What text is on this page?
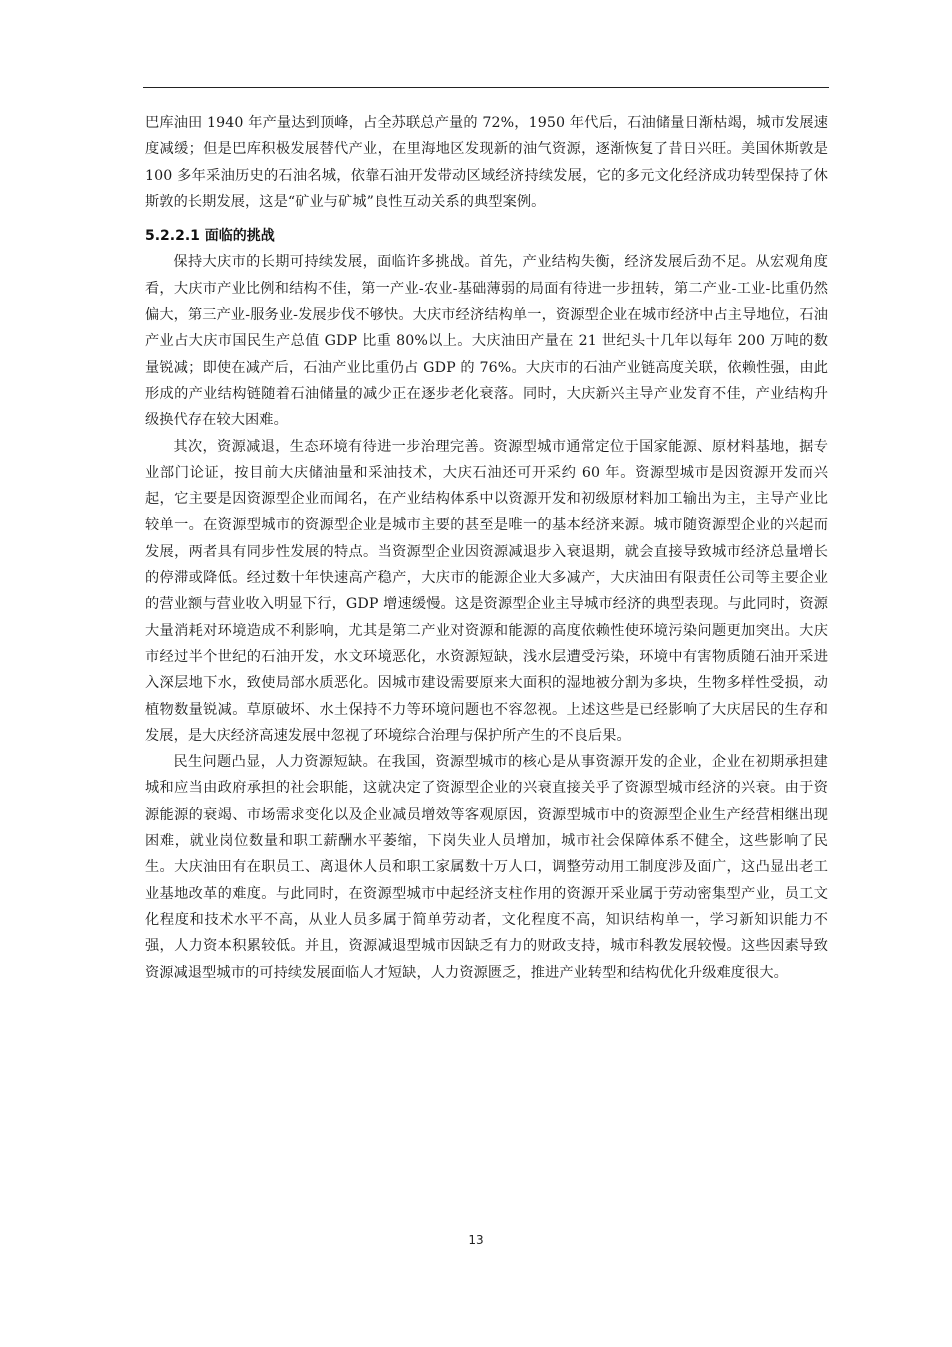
巴库油田 1940 年产量达到顶峰，占全苏联总产量的 72%，1950 年代后，石油储量日渐枯竭，城市发展速度减缓；但是巴库积极发展替代产业，在里海地区发现新的油气资源，逐渐恢复了昔日兴旺。美国休斯敦是 100 多年采油历史的石油名城，依靠石油开发带动区域经济持续发展，它的多元文化经济成功转型保持了休斯敦的长期发展，这是“矿业与矿城”良性互动关系的典型案例。

5.2.2.1 面临的挑战

保持大庆市的长期可持续发展，面临许多挑战。首先，产业结构失衡，经济发展后劲不足。从宏观角度看，大庆市产业比例和结构不佳，第一产业-农业-基础薄弱的局面有待进一步扭转，第二产业-工业-比重仍然偏大，第三产业-服务业-发展步伐不够快。大庆市经济结构单一，资源型企业在城市经济中占主导地位，石油产业占大庆市国民生产总值 GDP 比重 80%以上。大庆油田产量在 21 世纪头十几年以每年 200 万吨的数量锐减；即使在减产后，石油产业比重仍占 GDP 的 76%。大庆市的石油产业链高度关联，依赖性强，由此形成的产业结构链随着石油储量的减少正在逐步老化衰落。同时，大庆新兴主导产业发育不佳，产业结构升级换代存在较大困难。

其次，资源减退，生态环境有待进一步治理完善。资源型城市通常定位于国家能源、原材料基地，据专业部门论证，按目前大庆储油量和采油技术，大庆石油还可开采约 60 年。资源型城市是因资源开发而兴起，它主要是因资源型企业而闻名，在产业结构体系中以资源开发和初级原材料加工输出为主，主导产业比较单一。在资源型城市的资源型企业是城市主要的甚至是唯一的基本经济来源。城市随资源型企业的兴起而发展，两者具有同步性发展的特点。当资源型企业因资源减退步入衰退期，就会直接导致城市经济总量增长的停滞或降低。经过数十年快速高产稳产，大庆市的能源企业大多减产，大庆油田有限责任公司等主要企业的营业额与营业收入明显下行，GDP 增速缓慢。这是资源型企业主导城市经济的典型表现。与此同时，资源大量消耗对环境造成不利影响，尤其是第二产业对资源和能源的高度依赖性使环境污染问题更加突出。大庆市经过半个世纪的石油开发，水文环境恶化，水资源短缺，浅水层遭受污染，环境中有害物质随石油开采进入深层地下水，致使局部水质恶化。因城市建设需要原来大面积的湿地被分割为多块，生物多样性受损，动植物数量锐减。草原破坏、水土保持不力等环境问题也不容忽视。上述这些是已经影响了大庆居民的生存和发展，是大庆经济高速发展中忽视了环境综合治理与保护所产生的不良后果。

民生问题凸显，人力资源短缺。在我国，资源型城市的核心是从事资源开发的企业，企业在初期承担建城和应当由政府承担的社会职能，这就决定了资源型企业的兴衰直接关乎了资源型城市经济的兴衰。由于资源能源的衰竭、市场需求变化以及企业减员增效等客观原因，资源型城市中的资源型企业生产经营相继出现困难，就业岗位数量和职工薪酬水平萎缩，下岗失业人员增加，城市社会保障体系不健全，这些影响了民生。大庆油田有在职员工、离退休人员和职工家属数十万人口，调整劳动用工制度涉及面广，这凸显出老工业基地改革的难度。与此同时，在资源型城市中起经济支柱作用的资源开采业属于劳动密集型产业，员工文化程度和技术水平不高，从业人员多属于简单劳动者，文化程度不高，知识结构单一，学习新知识能力不强，人力资本积累较低。并且，资源减退型城市因缺乏有力的财政支持，城市科教发展较慢。这些因素导致资源减退型城市的可持续发展面临人才短缺，人力资源匮乏，推进产业转型和结构优化升级难度很大。

13
